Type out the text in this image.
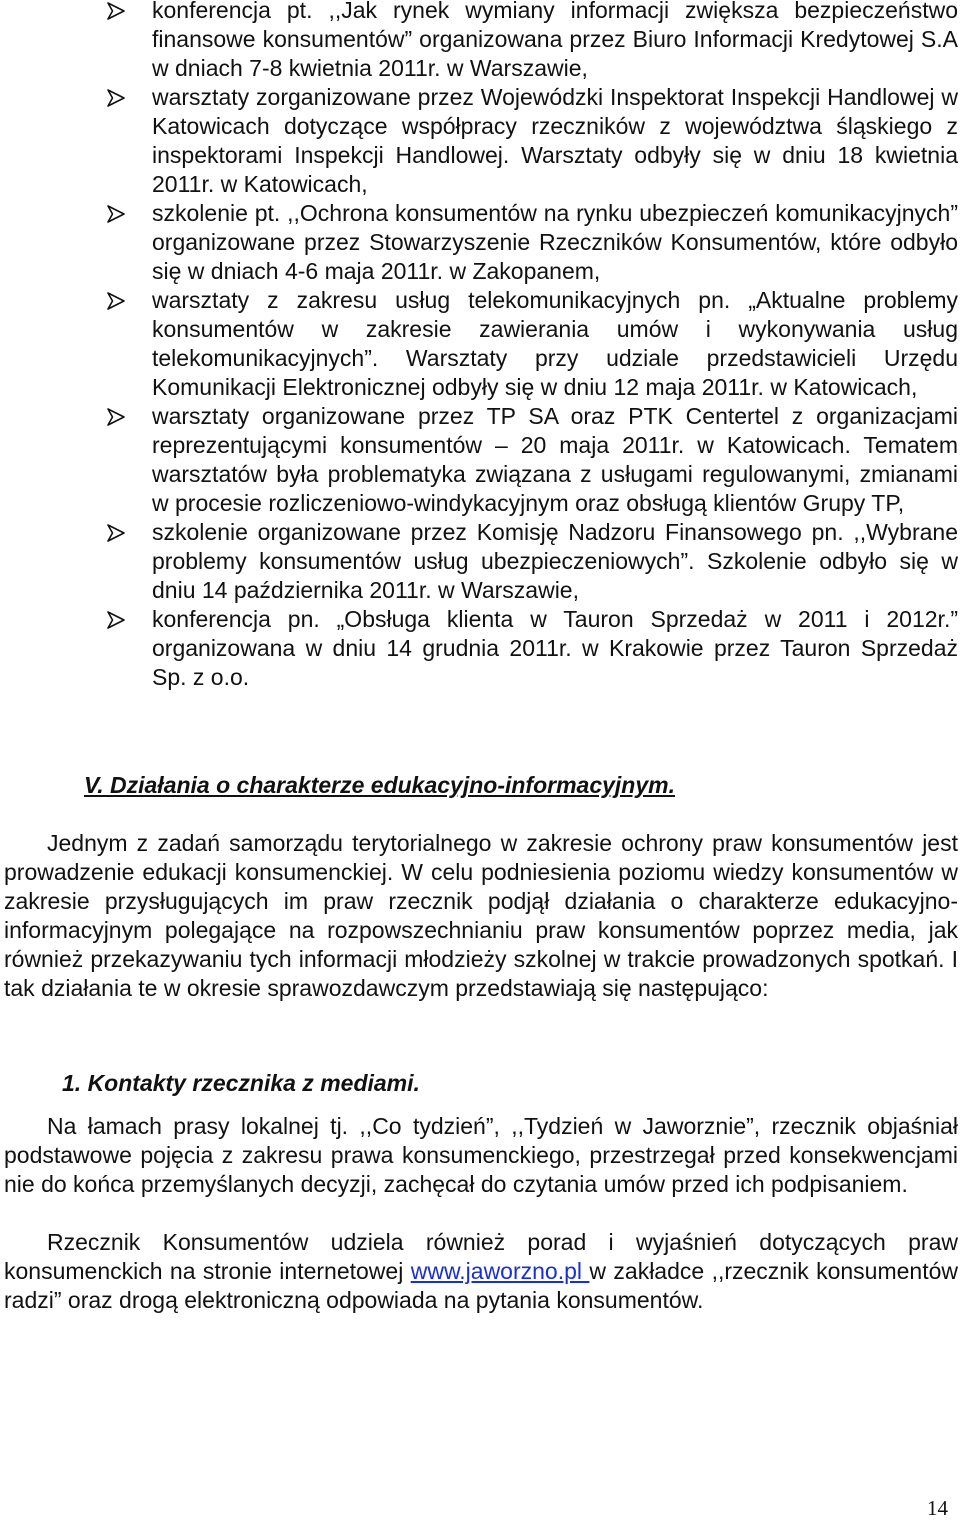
konferencja pt. ,,Jak rynek wymiany informacji zwiększa bezpieczeństwo finansowe konsumentów” organizowana przez Biuro Informacji Kredytowej S.A w dniach 7-8 kwietnia 2011r. w Warszawie,
warsztaty zorganizowane przez Wojewódzki Inspektorat Inspekcji Handlowej w Katowicach dotyczące współpracy rzeczników z województwa śląskiego z inspektorami Inspekcji Handlowej. Warsztaty odbyły się w dniu 18 kwietnia 2011r. w Katowicach,
szkolenie pt. ,,Ochrona konsumentów na rynku ubezpieczeń komunikacyjnych” organizowane przez Stowarzyszenie Rzeczników Konsumentów, które odbyło się w dniach 4-6 maja 2011r. w Zakopanem,
warsztaty z zakresu usług telekomunikacyjnych pn. „Aktualne problemy konsumentów w zakresie zawierania umów i wykonywania usług telekomunikacyjnych”. Warsztaty przy udziale przedstawicieli Urzędu Komunikacji Elektronicznej odbyły się w dniu 12 maja 2011r. w Katowicach,
warsztaty organizowane przez TP SA oraz PTK Centertel z organizacjami reprezentującymi konsumentów – 20 maja 2011r. w Katowicach. Tematem warsztatów była problematyka związana z usługami regulowanymi, zmianami w procesie rozliczeniowo-windykacyjnym oraz obsługą klientów Grupy TP,
szkolenie organizowane przez Komisję Nadzoru Finansowego pn. ,,Wybrane problemy konsumentów usług ubezpieczeniowych”. Szkolenie odbyło się w dniu 14 października 2011r. w Warszawie,
konferencja pn. „Obsługa klienta w Tauron Sprzedaż w 2011 i 2012r.” organizowana w dniu 14 grudnia 2011r. w Krakowie przez Tauron Sprzedaż Sp. z o.o.
V. Działania o charakterze edukacyjno-informacyjnym.

Jednym z zadań samorządu terytorialnego w zakresie ochrony praw konsumentów jest prowadzenie edukacji konsumenckiej. W celu podniesienia poziomu wiedzy konsumentów w zakresie przysługujących im praw rzecznik podjął działania o charakterze edukacyjno-informacyjnym polegające na rozpowszechnianiu praw konsumentów poprzez media, jak również przekazywaniu tych informacji młodzieży szkolnej w trakcie prowadzonych spotkań. I tak działania te w okresie sprawozdawczym przedstawiają się następująco:

1. Kontakty rzecznika z mediami.

Na łamach prasy lokalnej tj. ,,Co tydzień”, ,,Tydzień w Jaworznie”, rzecznik objaśniał podstawowe pojęcia z zakresu prawa konsumenckiego, przestrzegał przed konsekwencjami nie do końca przemyślanych decyzji, zachęcał do czytania umów przed ich podpisaniem.

Rzecznik Konsumentów udziela również porad i wyjaśnień dotyczących praw konsumenckich na stronie internetowej www.jaworzno.pl w zakładce ,,rzecznik konsumentów radzi” oraz drogą elektroniczną odpowiada na pytania konsumentów.

14
